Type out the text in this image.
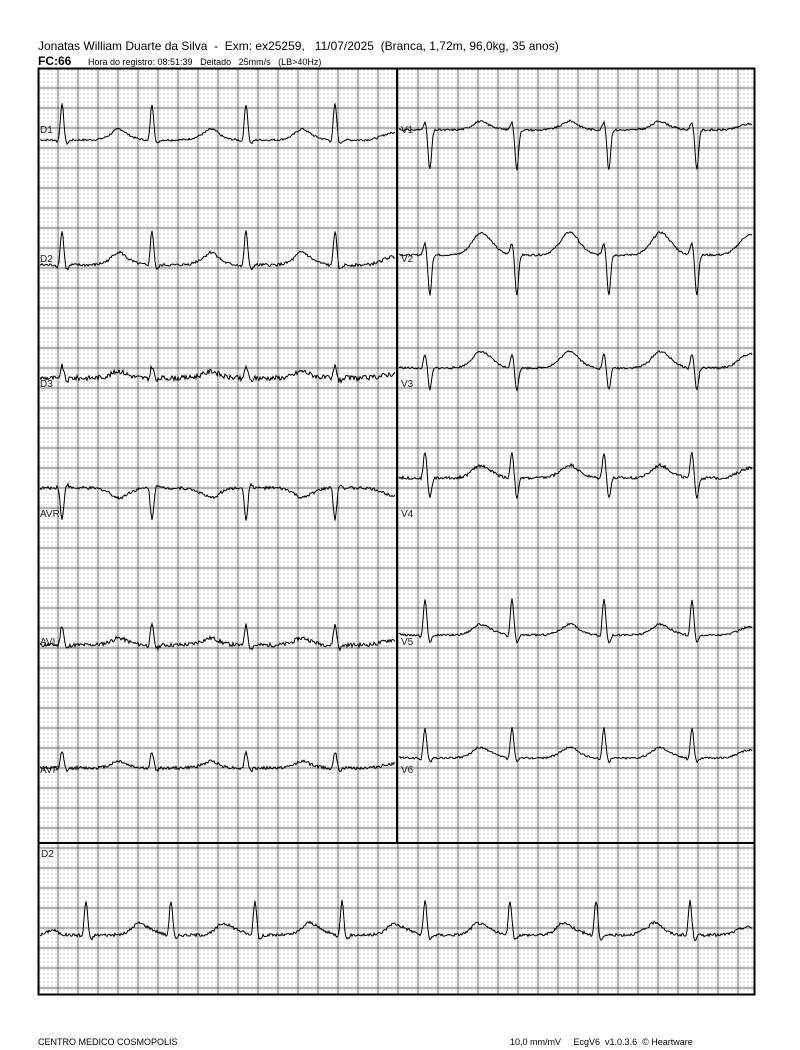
Jonatas William Duarte da Silva  -  Exm: ex25259,   11/07/2025  (Branca, 1,72m, 96,0kg, 35 anos)
FC:66 Hora do registro: 08:51:39   Deitado   25mm/s   (LB>40Hz)
D1
D2
D3
AVR
AVL
AVF
V1
V2
V3
V4
V5
V6
D2
CENTRO MEDICO COSMOPOLIS	10,0 mm/mV EcgV6  v1.0.3.6  © Heartware
